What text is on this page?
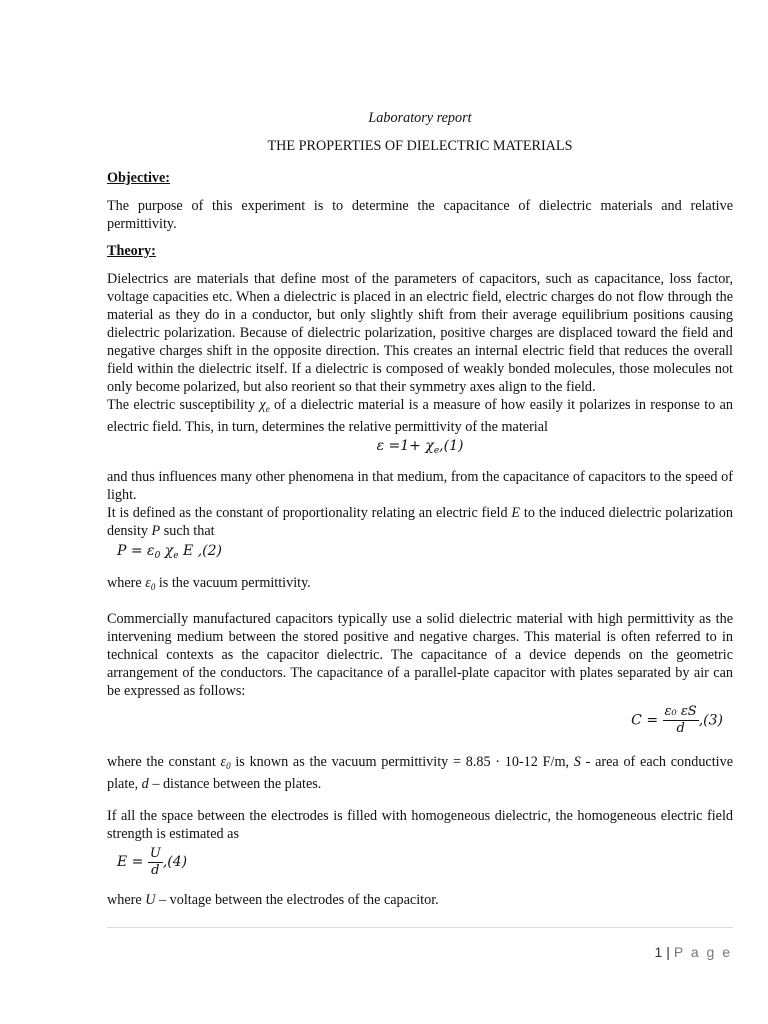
Laboratory report
THE PROPERTIES OF DIELECTRIC MATERIALS
Objective:

The purpose of this experiment is to determine the capacitance of dielectric materials and relative permittivity.

Theory:

Dielectrics are materials that define most of the parameters of capacitors, such as capacitance, loss factor, voltage capacities etc. When a dielectric is placed in an electric field, electric charges do not flow through the material as they do in a conductor, but only slightly shift from their average equilibrium positions causing dielectric polarization. Because of dielectric polarization, positive charges are displaced toward the field and negative charges shift in the opposite direction. This creates an internal electric field that reduces the overall field within the dielectric itself. If a dielectric is composed of weakly bonded molecules, those molecules not only become polarized, but also reorient so that their symmetry axes align to the field.

The electric susceptibility $\chi_e$ of a dielectric material is a measure of how easily it polarizes in response to an electric field. This, in turn, determines the relative permittivity of the material

$\varepsilon =1+ \chi_e,(1)$

and thus influences many other phenomena in that medium, from the capacitance of capacitors to the speed of light.

It is defined as the constant of proportionality relating an electric field E to the induced dielectric polarization density P such that

$P = \varepsilon_0$ $\chi_e$ E ,(2)

where $\varepsilon_0$ is the vacuum permittivity.

Commercially manufactured capacitors typically use a solid dielectric material with high permittivity as the intervening medium between the stored positive and negative charges. This material is often referred to in technical contexts as the capacitor dielectric. The capacitance of a device depends on the geometric arrangement of the conductors. The capacitance of a parallel-plate capacitor with plates separated by air can be expressed as follows:

$C = \frac{\text{ε₀ εS}}{d} ,(3)$

where the constant $\varepsilon_0$ is known as the vacuum permittivity = 8.85 · 10-12 F/m, S - area of each conductive plate, d – distance between the plates.

If all the space between the electrodes is filled with homogeneous dielectric, the homogeneous electric field strength is estimated as

$E = \frac{U}{d} ,(4)$

where U – voltage between the electrodes of the capacitor.

1 | P a g e
